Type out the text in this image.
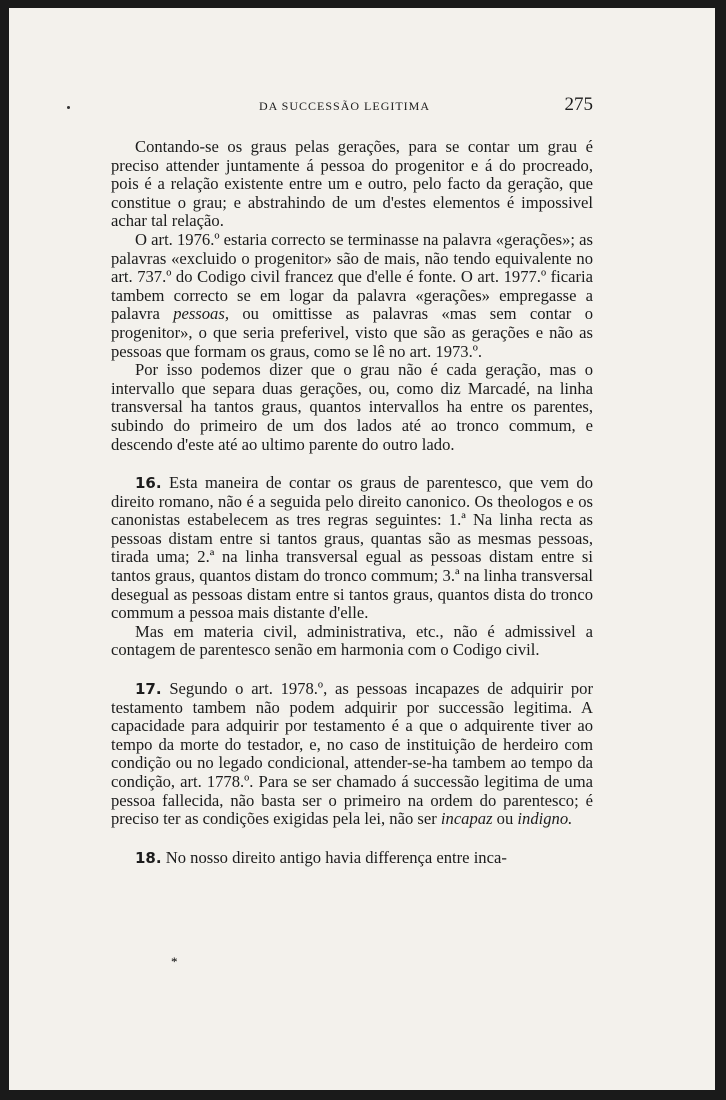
DA SUCCESSÃO LEGITIMA	275

Contando-se os graus pelas gerações, para se contar um grau é preciso attender juntamente á pessoa do progenitor e á do procreado, pois é a relação existente entre um e outro, pelo facto da geração, que constitue o grau; e abstrahindo de um d'estes elementos é impossivel achar tal relação.

O art. 1976.º estaria correcto se terminasse na palavra «gerações»; as palavras «excluido o progenitor» são de mais, não tendo equivalente no art. 737.º do Codigo civil francez que d'elle é fonte. O art. 1977.º ficaria tambem correcto se em logar da palavra «gerações» empregasse a palavra pessoas, ou omittisse as palavras «mas sem contar o progenitor», o que seria preferivel, visto que são as gerações e não as pessoas que formam os graus, como se lê no art. 1973.º.

Por isso podemos dizer que o grau não é cada geração, mas o intervallo que separa duas gerações, ou, como diz Marcadé, na linha transversal ha tantos graus, quantos intervallos ha entre os parentes, subindo do primeiro de um dos lados até ao tronco commum, e descendo d'este até ao ultimo parente do outro lado.

16. Esta maneira de contar os graus de parentesco, que vem do direito romano, não é a seguida pelo direito canonico. Os theologos e os canonistas estabelecem as tres regras seguintes: 1.ª Na linha recta as pessoas distam entre si tantos graus, quantas são as mesmas pessoas, tirada uma; 2.ª na linha transversal egual as pessoas distam entre si tantos graus, quantos distam do tronco commum; 3.ª na linha transversal desegual as pessoas distam entre si tantos graus, quantos dista do tronco commum a pessoa mais distante d'elle.

Mas em materia civil, administrativa, etc., não é admissivel a contagem de parentesco senão em harmonia com o Codigo civil.

17. Segundo o art. 1978.º, as pessoas incapazes de adquirir por testamento tambem não podem adquirir por successão legitima. A capacidade para adquirir por testamento é a que o adquirente tiver ao tempo da morte do testador, e, no caso de instituição de herdeiro com condição ou no legado condicional, attender-se-ha tambem ao tempo da condição, art. 1778.º. Para se ser chamado á successão legitima de uma pessoa fallecida, não basta ser o primeiro na ordem do parentesco; é preciso ter as condições exigidas pela lei, não ser incapaz ou indigno.

18. No nosso direito antigo havia differença entre inca-

*
